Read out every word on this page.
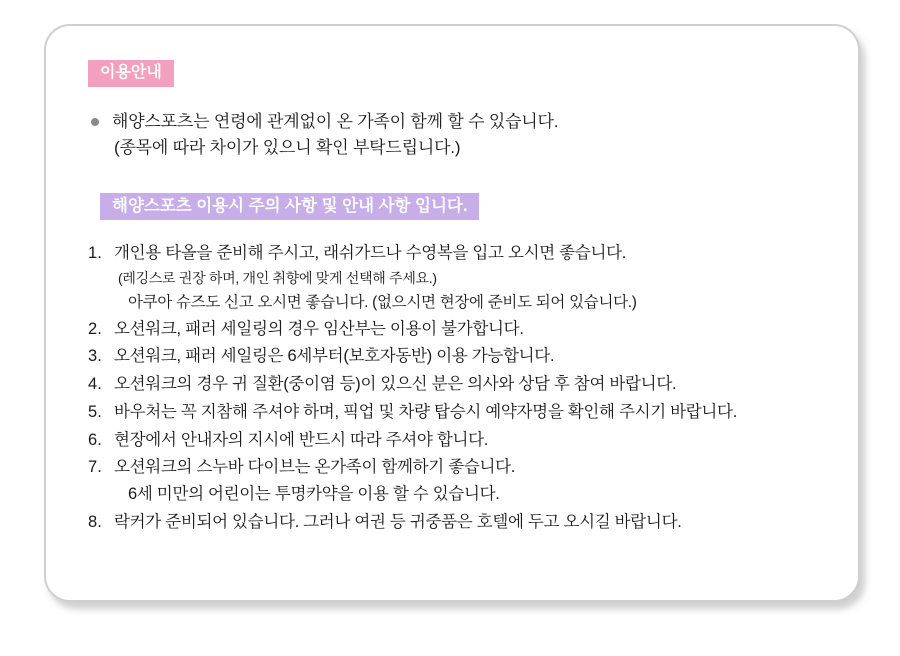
이용안내
해양스포츠는 연령에 관계없이 온 가족이 함께 할 수 있습니다.
(종목에 따라 차이가 있으니 확인 부탁드립니다.)
해양스포츠 이용시 주의 사항 및 안내 사항 입니다.
개인용 타올을 준비해 주시고, 래쉬가드나 수영복을 입고 오시면 좋습니다.
(레깅스로 권장 하며, 개인 취향에 맞게 선택해 주세요.)
아쿠아 슈즈도 신고 오시면 좋습니다. (없으시면 현장에 준비도 되어 있습니다.)
오션워크, 패러 세일링의 경우 임산부는 이용이 불가합니다.
오션워크, 패러 세일링은 6세부터(보호자동반) 이용 가능합니다.
오션워크의 경우 귀 질환(중이염 등)이 있으신 분은 의사와 상담 후 참여 바랍니다.
바우처는 꼭 지참해 주셔야 하며, 픽업 및 차량 탑승시 예약자명을 확인해 주시기 바랍니다.
현장에서 안내자의 지시에 반드시 따라 주셔야 합니다.
오션워크의 스누바 다이브는 온가족이 함께하기 좋습니다.
6세 미만의 어린이는 투명카약을 이용 할 수 있습니다.
락커가 준비되어 있습니다. 그러나 여권 등 귀중품은 호텔에 두고 오시길 바랍니다.
